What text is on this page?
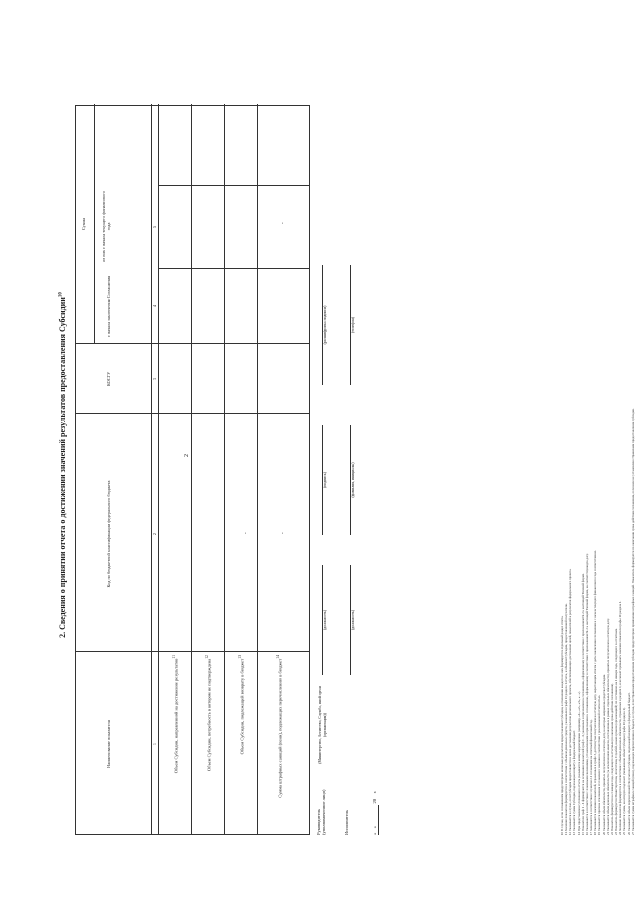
2
2. Сведения о принятии отчета о достижении значений результатов предоставления Субсидии$^{10}$
Наименование показателя
Код по бюджетной классификации федерального бюджета
КОСГУ
Сумма
с начала заключения Соглашения
из них с начала текущего финансового года
1
2
3
4
5
Объем Субсидии, направленной на достижение результатов$^{11}$
Объем Субсидии, потребность в котором не подтверждена$^{12}$
Объем Субсидии, подлежащей возврату в бюджет$^{13}$
Сумма штрафных санкций (пени), подлежащих перечислению в бюджет$^{14}$
-	-
-
Руководитель (уполномоченное лицо)
(Министерство, Агентство, Служба, иной орган (организация))
(должность)
(подпись)
(расшифровка подписи)
Исполнитель
(должность)
(фамилия, инициалы)
(телефон)
«    »                    20     г.	10 В случае, если соглашением предусмотрено несколько результатов предоставления Субсидии, в отношении каждого из них формируется отдельный раздел отчета. 11 Значение показателя формируется в соответствии с объемом денежных средств, указанным в графе 11 раздела 1 отчета, и объемом Субсидии, предоставленной получателю. 12 Указывается в случае, если Субсидия предоставляется в целях достижения результатов регионального проекта, обеспечивающих достижение целей, показателей и результатов федерального проекта. 13 Указывается сумма Субсидии, подлежащая возврату в федеральный бюджет. 14 При представлении уточненного отчета указывается номер корректировки (например, «1», «2», «3», «...»). 15 Показатели граф 1 - 4 формируются на основании показателей граф 1 - 4, указанных в приложении к соглашению, оформленному в соответствии с приложением № 2 к настоящей Типовой форме. 16 Указываются в соответствии с плановыми значениями, установленными в приложении к соглашению, оформленному в соответствии с приложением № 2 к настоящей Типовой форме, на соответствующую дату. 17 Заполняется в соответствии с пунктом 2.1 соглашения на отчетный финансовый год. 18 Указываются значения показателей, отраженных в графе 3, достигнутые получателем на отчетную дату, нарастающим итогом с даты заключения соглашения и с начала текущего финансового года соответственно. 19 Указывается причина отклонения от планового значения в соответствии с реализованной отчетностью. 20 Указывается объем обязательств, принятых получателем на отчетную дату, на которые направлены средства Субсидии. 21 Указывается объем денежных обязательств (за исключением авансов, поставленных в рамках отдельных обязательств), принятых получателем на отчетную дату. 22 Показатель формируется на 1 января года, следующего за отчетным (по окончании срока действия соглашения). 23 Показатель формируется Министерством, Агентством, Службой, иным органом (организацией) по состоянию на 1 января года, следующего за отчетным. 24 Значение показателя формируется в соответствии с объемом денежных обязательств, отраженных в разделе 1, и не может превышать значение показателя графы 10 раздела 1. 25 Указывается сумма, на которую подлежит уменьшению объем Субсидии (графа 10 раздела 1). 26 Указывается объем перечисленной Получателю Субсидии, подлежащей возврату в федеральный бюджет. 27 Указывается сумма штрафных санкций (пени), подлежащих перечислению в бюджет, в случае, если Правилами предоставления субсидии предусмотрено применение штрафных санкций. Показатель формируется по окончании срока действия соглашения, если иное не установлено Правилами предоставления субсидии.
